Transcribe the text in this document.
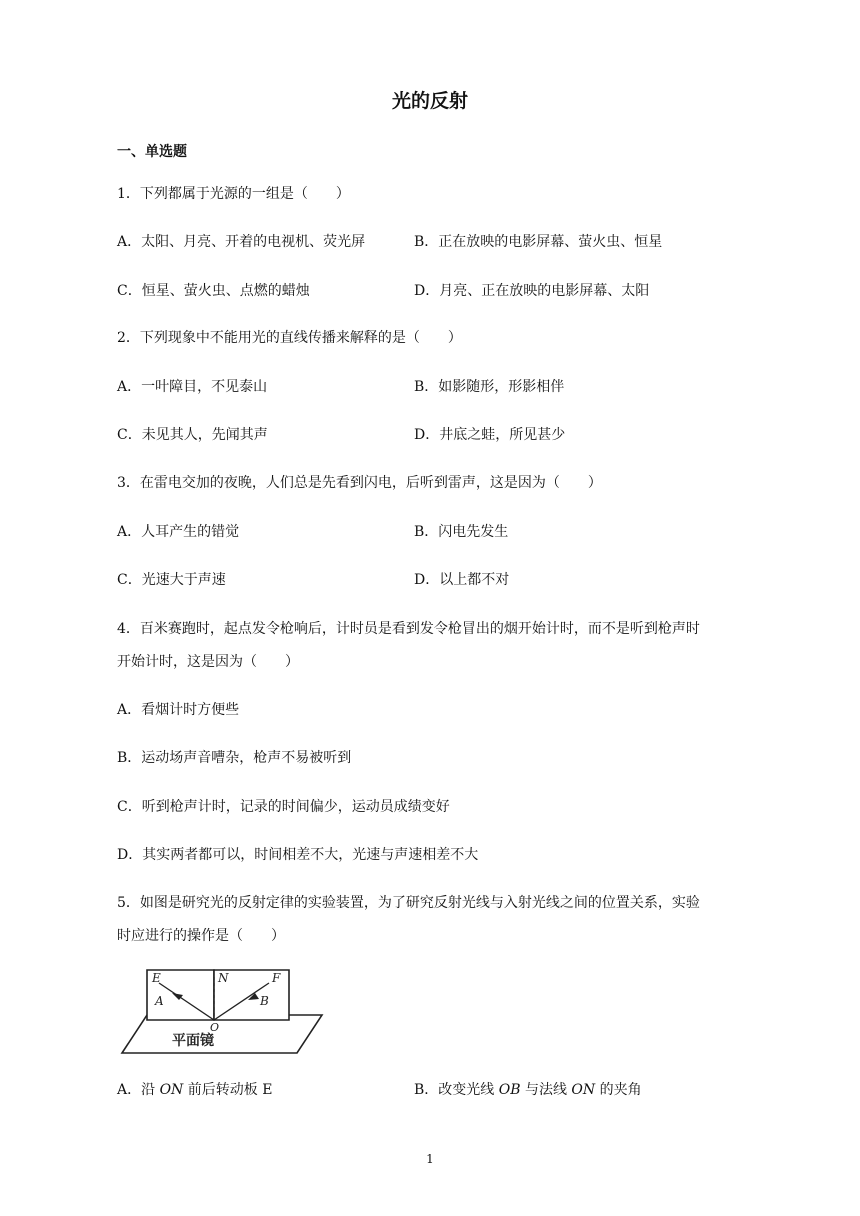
光的反射
一、单选题
1．下列都属于光源的一组是（　　）
A．太阳、月亮、开着的电视机、荧光屏	B．正在放映的电影屏幕、萤火虫、恒星
C．恒星、萤火虫、点燃的蜡烛	D．月亮、正在放映的电影屏幕、太阳
2．下列现象中不能用光的直线传播来解释的是（　　）
A．一叶障目，不见泰山	B．如影随形，形影相伴
C．未见其人，先闻其声	D．井底之蛙，所见甚少
3．在雷电交加的夜晚，人们总是先看到闪电，后听到雷声，这是因为（　　）
A．人耳产生的错觉	B．闪电先发生
C．光速大于声速	D．以上都不对
4．百米赛跑时，起点发令枪响后，计时员是看到发令枪冒出的烟开始计时，而不是听到枪声时
开始计时，这是因为（　　）
A．看烟计时方便些
B．运动场声音嘈杂，枪声不易被听到
C．听到枪声计时，记录的时间偏少，运动员成绩变好
D．其实两者都可以，时间相差不大，光速与声速相差不大
5．如图是研究光的反射定律的实验装置，为了研究反射光线与入射光线之间的位置关系，实验
时应进行的操作是（　　）
平面镜
E	N	F
A	B
O
A．沿 ON 前后转动板 E	B．改变光线 OB 与法线 ON 的夹角
1
